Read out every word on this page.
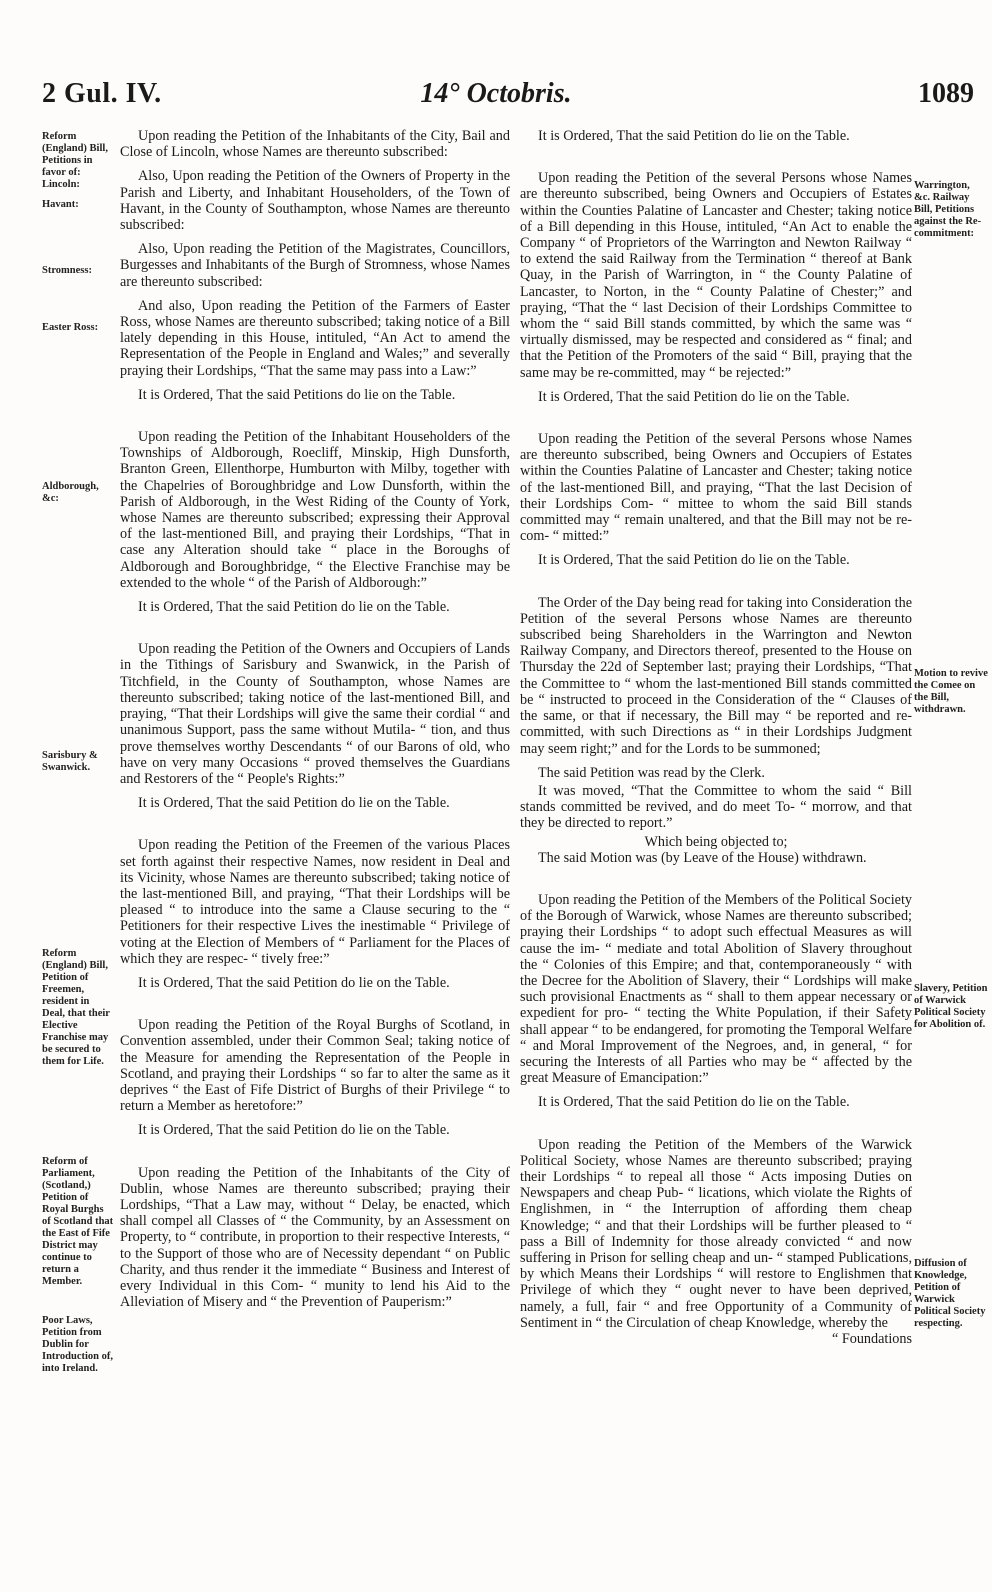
14° Octobris.
2 Gul. IV.	1089
Reform (England) Bill, Petitions in favor of: Lincoln:
Havant:
Stromness:
Easter Ross:
Aldborough, &c:
Sarisbury & Swanwick.
Reform (England) Bill, Petition of Freemen, resident in Deal, that their Elective Franchise may be secured to them for Life.
Reform of Parliament, (Scotland,) Petition of Royal Burghs of Scotland that the East of Fife District may continue to return a Member.
Poor Laws, Petition from Dublin for Introduction of, into Ireland.
Warrington, &c. Railway Bill, Petitions against the Re-commitment:
Motion to revive the Comee on the Bill, withdrawn.
Slavery, Petition of Warwick Political Society for Abolition of.
Diffusion of Knowledge, Petition of Warwick Political Society respecting.

Upon reading the Petition of the Inhabitants of the City, Bail and Close of Lincoln, whose Names are thereunto subscribed:

Also, Upon reading the Petition of the Owners of Property in the Parish and Liberty, and Inhabitant Householders, of the Town of Havant, in the County of Southampton, whose Names are thereunto subscribed:

Also, Upon reading the Petition of the Magistrates, Councillors, Burgesses and Inhabitants of the Burgh of Stromness, whose Names are thereunto subscribed:

And also, Upon reading the Petition of the Farmers of Easter Ross, whose Names are thereunto subscribed; taking notice of a Bill lately depending in this House, intituled, “An Act to amend the Representation of the People in England and Wales;” and severally praying their Lordships, “That the same may pass into a Law:”

It is Ordered, That the said Petitions do lie on the Table.

Upon reading the Petition of the Inhabitant Householders of the Townships of Aldborough, Roecliff, Minskip, High Dunsforth, Branton Green, Ellenthorpe, Humburton with Milby, together with the Chapelries of Boroughbridge and Low Dunsforth, within the Parish of Aldborough, in the West Riding of the County of York, whose Names are thereunto subscribed; expressing their Approval of the last-mentioned Bill, and praying their Lordships, “That in case any Alteration should take “ place in the Boroughs of Aldborough and Boroughbridge, “ the Elective Franchise may be extended to the whole “ of the Parish of Aldborough:”

It is Ordered, That the said Petition do lie on the Table.

Upon reading the Petition of the Owners and Occupiers of Lands in the Tithings of Sarisbury and Swanwick, in the Parish of Titchfield, in the County of Southampton, whose Names are thereunto subscribed; taking notice of the last-mentioned Bill, and praying, “That their Lordships will give the same their cordial “ and unanimous Support, pass the same without Mutila- “ tion, and thus prove themselves worthy Descendants “ of our Barons of old, who have on very many Occasions “ proved themselves the Guardians and Restorers of the “ People's Rights:”

It is Ordered, That the said Petition do lie on the Table.

Upon reading the Petition of the Freemen of the various Places set forth against their respective Names, now resident in Deal and its Vicinity, whose Names are thereunto subscribed; taking notice of the last-mentioned Bill, and praying, “That their Lordships will be pleased “ to introduce into the same a Clause securing to the “ Petitioners for their respective Lives the inestimable “ Privilege of voting at the Election of Members of “ Parliament for the Places of which they are respec- “ tively free:”

It is Ordered, That the said Petition do lie on the Table.

Upon reading the Petition of the Royal Burghs of Scotland, in Convention assembled, under their Common Seal; taking notice of the Measure for amending the Representation of the People in Scotland, and praying their Lordships “ so far to alter the same as it deprives “ the East of Fife District of Burghs of their Privilege “ to return a Member as heretofore:”

It is Ordered, That the said Petition do lie on the Table.

Upon reading the Petition of the Inhabitants of the City of Dublin, whose Names are thereunto subscribed; praying their Lordships, “That a Law may, without “ Delay, be enacted, which shall compel all Classes of “ the Community, by an Assessment on Property, to “ contribute, in proportion to their respective Interests, “ to the Support of those who are of Necessity dependant “ on Public Charity, and thus render it the immediate “ Business and Interest of every Individual in this Com- “ munity to lend his Aid to the Alleviation of Misery and “ the Prevention of Pauperism:”

It is Ordered, That the said Petition do lie on the Table.

Upon reading the Petition of the several Persons whose Names are thereunto subscribed, being Owners and Occupiers of Estates within the Counties Palatine of Lancaster and Chester; taking notice of a Bill depending in this House, intituled, “An Act to enable the Company “ of Proprietors of the Warrington and Newton Railway “ to extend the said Railway from the Termination “ thereof at Bank Quay, in the Parish of Warrington, in “ the County Palatine of Lancaster, to Norton, in the “ County Palatine of Chester;” and praying, “That the “ last Decision of their Lordships Committee to whom the “ said Bill stands committed, by which the same was “ virtually dismissed, may be respected and considered as “ final; and that the Petition of the Promoters of the said “ Bill, praying that the same may be re-committed, may “ be rejected:”

It is Ordered, That the said Petition do lie on the Table.

Upon reading the Petition of the several Persons whose Names are thereunto subscribed, being Owners and Occupiers of Estates within the Counties Palatine of Lancaster and Chester; taking notice of the last-mentioned Bill, and praying, “That the last Decision of their Lordships Com- “ mittee to whom the said Bill stands committed may “ remain unaltered, and that the Bill may not be re-com- “ mitted:”

It is Ordered, That the said Petition do lie on the Table.

The Order of the Day being read for taking into Consideration the Petition of the several Persons whose Names are thereunto subscribed being Shareholders in the Warrington and Newton Railway Company, and Directors thereof, presented to the House on Thursday the 22d of September last; praying their Lordships, “That the Committee to “ whom the last-mentioned Bill stands committed be “ instructed to proceed in the Consideration of the “ Clauses of the same, or that if necessary, the Bill may “ be reported and re-committed, with such Directions as “ in their Lordships Judgment may seem right;” and for the Lords to be summoned;

The said Petition was read by the Clerk.

It was moved, “That the Committee to whom the said “ Bill stands committed be revived, and do meet To- “ morrow, and that they be directed to report.”

Which being objected to;

The said Motion was (by Leave of the House) withdrawn.

Upon reading the Petition of the Members of the Political Society of the Borough of Warwick, whose Names are thereunto subscribed; praying their Lordships “ to adopt such effectual Measures as will cause the im- “ mediate and total Abolition of Slavery throughout the “ Colonies of this Empire; and that, contemporaneously “ with the Decree for the Abolition of Slavery, their “ Lordships will make such provisional Enactments as “ shall to them appear necessary or expedient for pro- “ tecting the White Population, if their Safety shall appear “ to be endangered, for promoting the Temporal Welfare “ and Moral Improvement of the Negroes, and, in general, “ for securing the Interests of all Parties who may be “ affected by the great Measure of Emancipation:”

It is Ordered, That the said Petition do lie on the Table.

Upon reading the Petition of the Members of the Warwick Political Society, whose Names are thereunto subscribed; praying their Lordships “ to repeal all those “ Acts imposing Duties on Newspapers and cheap Pub- “ lications, which violate the Rights of Englishmen, in “ the Interruption of affording them cheap Knowledge; “ and that their Lordships will be further pleased to “ pass a Bill of Indemnity for those already convicted “ and now suffering in Prison for selling cheap and un- “ stamped Publications, by which Means their Lordships “ will restore to Englishmen that Privilege of which they “ ought never to have been deprived, namely, a full, fair “ and free Opportunity of a Community of Sentiment in “ the Circulation of cheap Knowledge, whereby the

“ Foundations
